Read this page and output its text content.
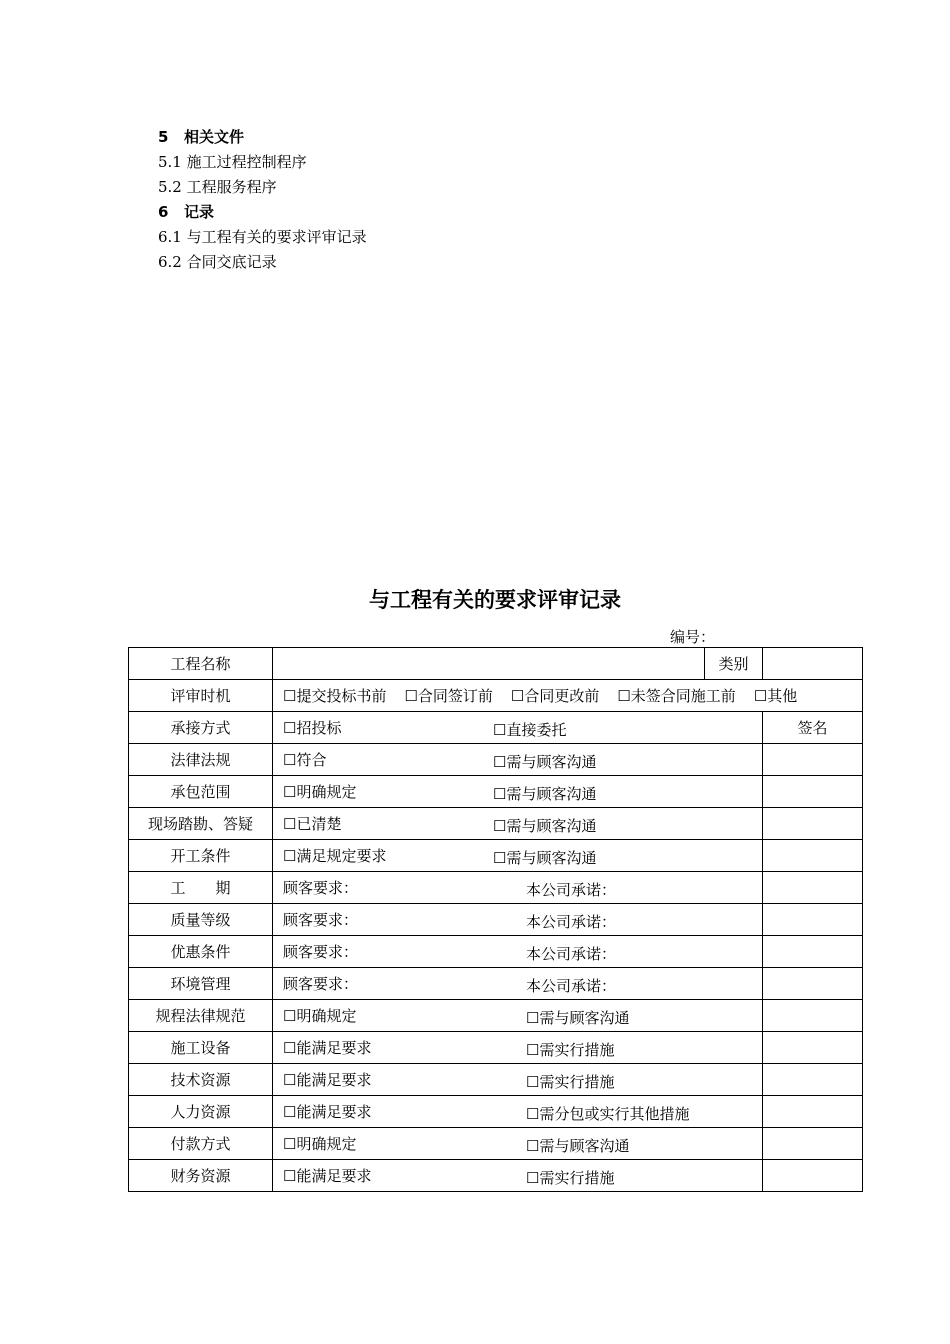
5 相关文件
5.1 施工过程控制程序
5.2 工程服务程序
6 记录
6.1 与工程有关的要求评审记录
6.2 合同交底记录
与工程有关的要求评审记录
编号：
工程名称		类别	
评审时机	☐提交投标书前 ☐合同签订前 ☐合同更改前 ☐未签合同施工前 ☐其他		
承接方式	☐招投标 ☐直接委托		签名
法律法规	☐符合 ☐需与顾客沟通		

承包范围	☐明确规定 ☐需与顾客沟通		

现场踏勘、答疑	☐已清楚 ☐需与顾客沟通		

开工条件	☐满足规定要求 ☐需与顾客沟通		

工　　期	顾客要求： 本公司承诺：		

质量等级	顾客要求： 本公司承诺：		

优惠条件	顾客要求： 本公司承诺：		

环境管理	顾客要求： 本公司承诺：		

规程法律规范	☐明确规定 ☐需与顾客沟通		

施工设备	☐能满足要求 ☐需实行措施		

技术资源	☐能满足要求 ☐需实行措施		

人力资源	☐能满足要求 ☐需分包或实行其他措施		

付款方式	☐明确规定 ☐需与顾客沟通		

财务资源	☐能满足要求 ☐需实行措施		
